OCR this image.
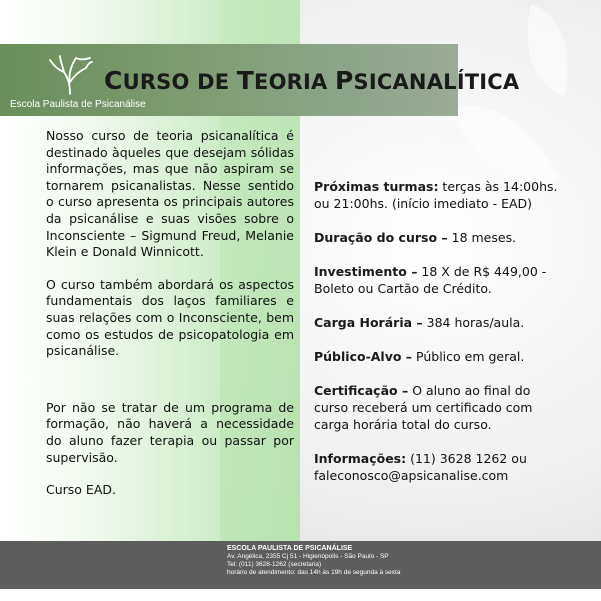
CURSO DE TEORIA PSICANALÍTICA
Escola Paulista de Psicanálise

Nosso curso de teoria psicanalítica é destinado àqueles que desejam sólidas informações, mas que não aspiram se tornarem psicanalistas. Nesse sentido o curso apresenta os principais autores da psicanálise e suas visões sobre o Inconsciente – Sigmund Freud, Melanie Klein e Donald Winnicott.

O curso também abordará os aspectos fundamentais dos laços familiares e suas relações com o Inconsciente, bem como os estudos de psicopatologia em psicanálise.

Por não se tratar de um programa de formação, não haverá a necessidade do aluno fazer terapia ou passar por supervisão.

Curso EAD.

Próximas turmas: terças às 14:00hs. ou 21:00hs. (início imediato - EAD)

Duração do curso – 18 meses.

Investimento – 18 X de R$ 449,00 - Boleto ou Cartão de Crédito.

Carga Horária – 384 horas/aula.

Público-Alvo – Público em geral.

Certificação – O aluno ao final do curso receberá um certificado com carga horária total do curso.

Informações: (11) 3628 1262 ou faleconosco@apsicanalise.com

ESCOLA PAULISTA DE PSICANÁLISE
Av. Angélica, 2355 Cj 51 - Higienópolis - São Paulo - SP
Tel: (011) 3628-1262 (secretaria)
horário de atendimento: das 14h às 19h de segunda à sexta
